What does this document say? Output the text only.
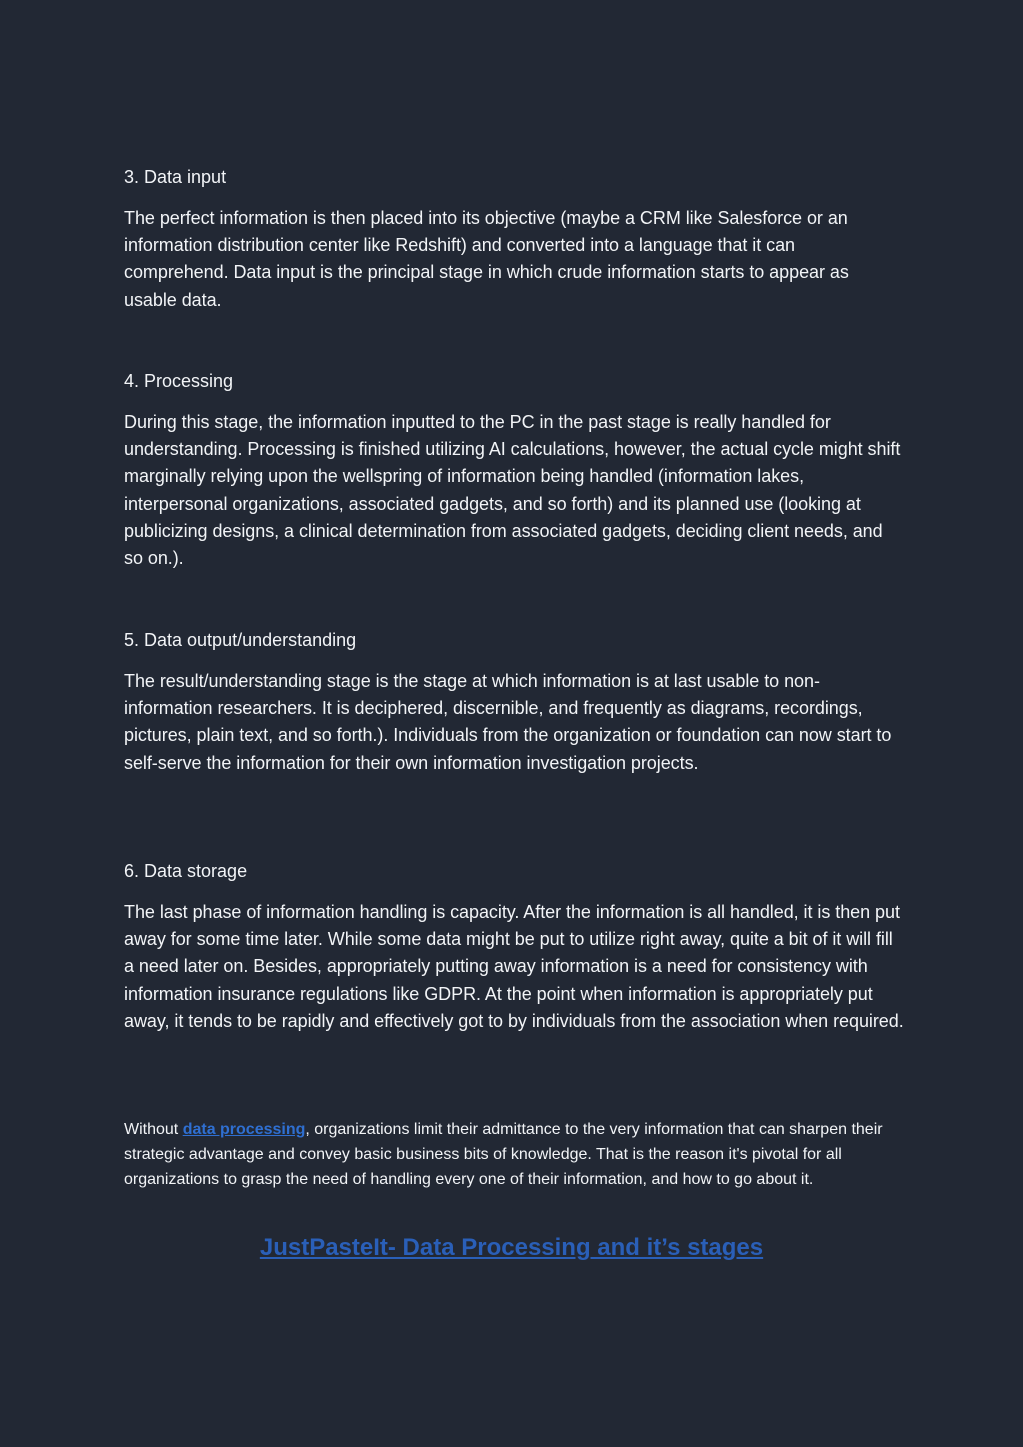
3. Data input

The perfect information is then placed into its objective (maybe a CRM like Salesforce or an information distribution center like Redshift) and converted into a language that it can comprehend. Data input is the principal stage in which crude information starts to appear as usable data.

4. Processing

During this stage, the information inputted to the PC in the past stage is really handled for understanding. Processing is finished utilizing AI calculations, however, the actual cycle might shift marginally relying upon the wellspring of information being handled (information lakes, interpersonal organizations, associated gadgets, and so forth) and its planned use (looking at publicizing designs, a clinical determination from associated gadgets, deciding client needs, and so on.).

5. Data output/understanding

The result/understanding stage is the stage at which information is at last usable to non-information researchers. It is deciphered, discernible, and frequently as diagrams, recordings, pictures, plain text, and so forth.). Individuals from the organization or foundation can now start to self-serve the information for their own information investigation projects.

6. Data storage

The last phase of information handling is capacity. After the information is all handled, it is then put away for some time later. While some data might be put to utilize right away, quite a bit of it will fill a need later on. Besides, appropriately putting away information is a need for consistency with information insurance regulations like GDPR. At the point when information is appropriately put away, it tends to be rapidly and effectively got to by individuals from the association when required.

Without data processing, organizations limit their admittance to the very information that can sharpen their strategic advantage and convey basic business bits of knowledge. That is the reason it's pivotal for all organizations to grasp the need of handling every one of their information, and how to go about it.

JustPasteIt- Data Processing and it’s stages
